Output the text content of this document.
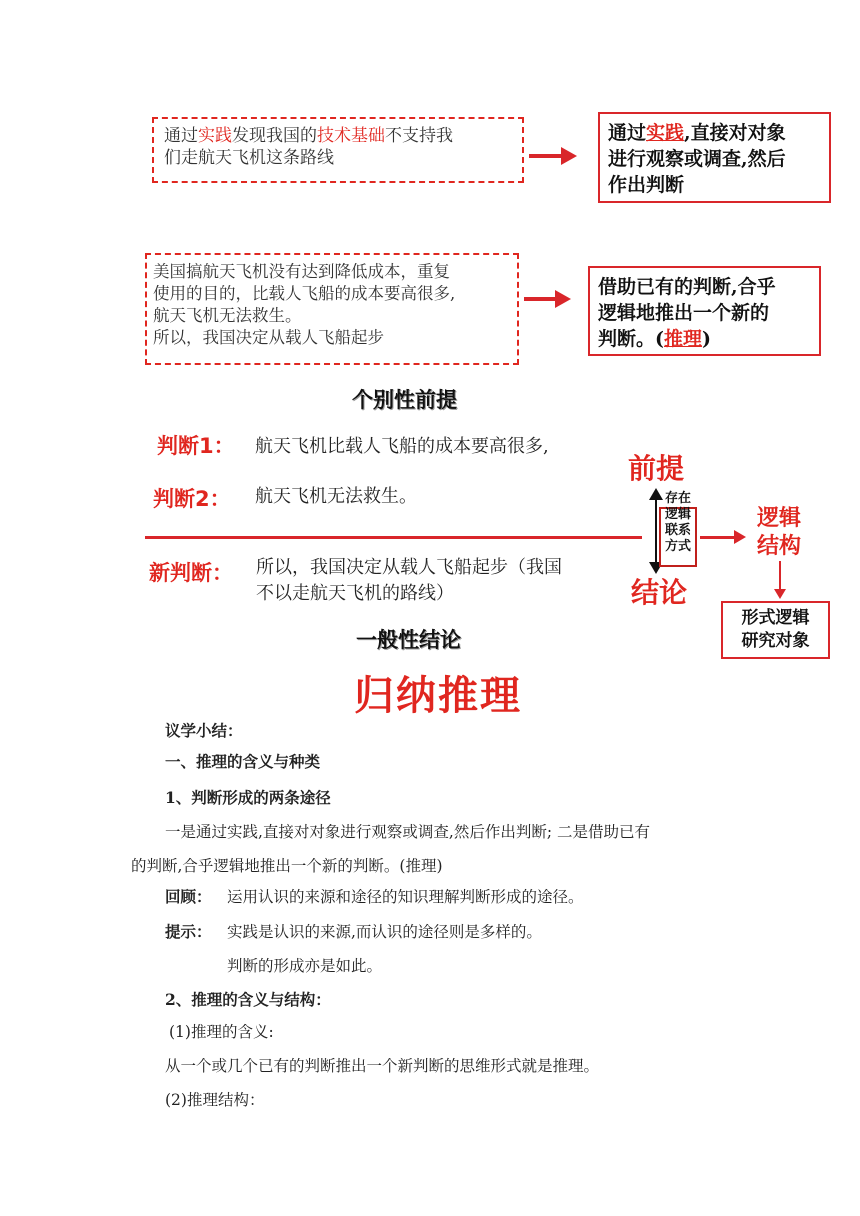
通过实践发现我国的技术基础不支持我
们走航天飞机这条路线
通过实践,直接对对象
进行观察或调查,然后
作出判断
美国搞航天飞机没有达到降低成本，重复
使用的目的，比载人飞船的成本要高很多,
航天飞机无法救生。
所以，我国决定从载人飞船起步
借助已有的判断,合乎
逻辑地推出一个新的
判断。(推理)
个别性前提
判断1： 航天飞机比载人飞船的成本要高很多,
判断2： 航天飞机无法救生。
新判断： 所以，我国决定从载人飞船起步（我国
不以走航天飞机的路线）
前提
结论
存在
逻辑
联系
方式
逻辑
结构
形式逻辑
研究对象
一般性结论
归纳推理
议学小结：
一、推理的含义与种类
1、判断形成的两条途径
一是通过实践,直接对对象进行观察或调查,然后作出判断; 二是借助已有
的判断,合乎逻辑地推出一个新的判断。(推理)
回顾： 运用认识的来源和途径的知识理解判断形成的途径。
提示： 实践是认识的来源,而认识的途径则是多样的。
判断的形成亦是如此。
2、推理的含义与结构：
(1)推理的含义:
从一个或几个已有的判断推出一个新判断的思维形式就是推理。
(2)推理结构：
